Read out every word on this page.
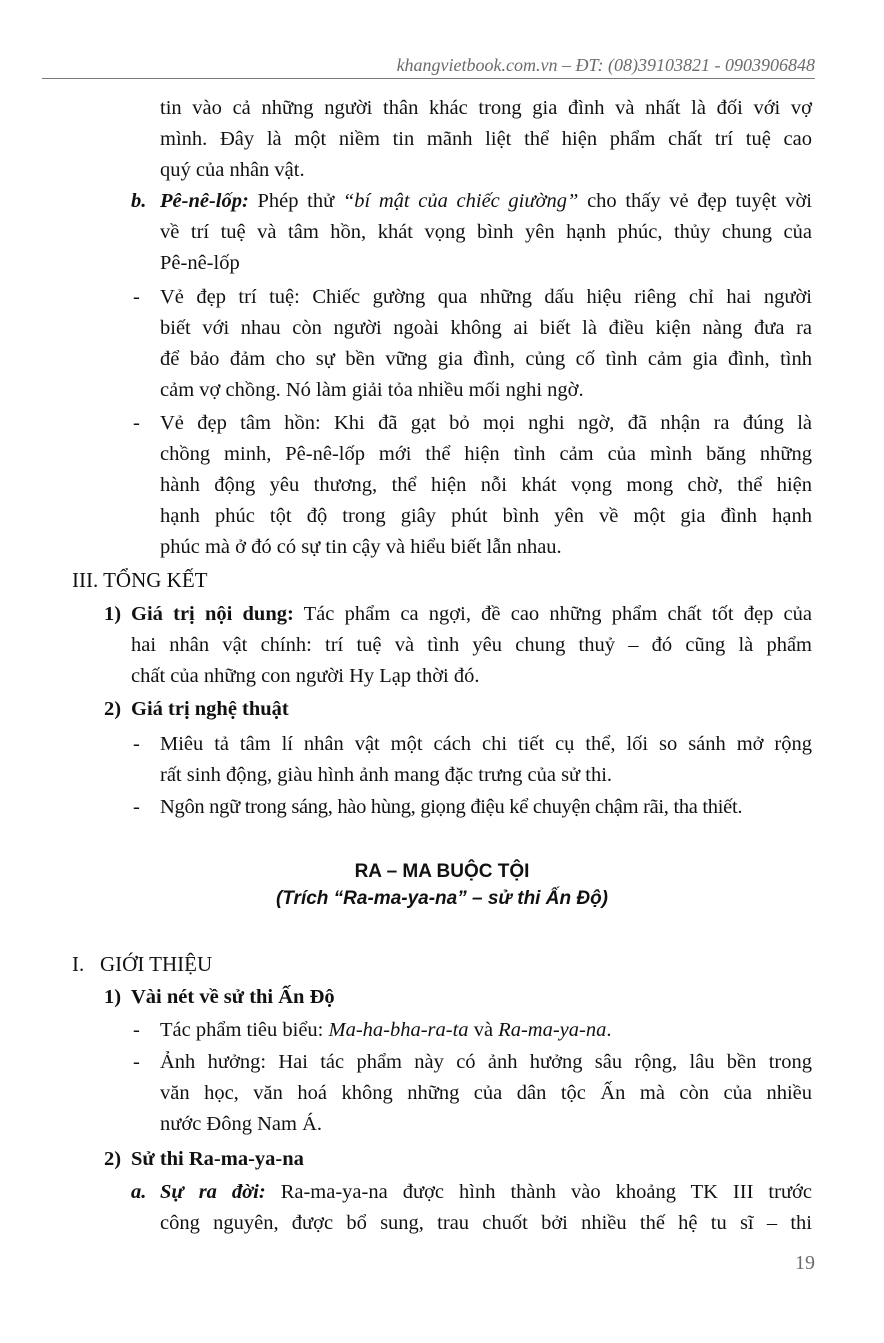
khangvietbook.com.vn – ĐT: (08)39103821 - 0903906848
tin vào cả những người thân khác trong gia đình và nhất là đối với vợ
mình. Đây là một niềm tin mãnh liệt thể hiện phẩm chất trí tuệ cao
quý của nhân vật.
b. Pê-nê-lốp: Phép thử “bí mật của chiếc giường” cho thấy vẻ đẹp tuyệt vời
về trí tuệ và tâm hồn, khát vọng bình yên hạnh phúc, thủy chung của
Pê-nê-lốp
- Vẻ đẹp trí tuệ: Chiếc gường qua những dấu hiệu riêng chỉ hai người
biết với nhau còn người ngoài không ai biết là điều kiện nàng đưa ra
để bảo đảm cho sự bền vững gia đình, củng cố tình cảm gia đình, tình
cảm vợ chồng. Nó làm giải tỏa nhiều mối nghi ngờ.
- Vẻ đẹp tâm hồn: Khi đã gạt bỏ mọi nghi ngờ, đã nhận ra đúng là
chồng minh, Pê-nê-lốp mới thể hiện tình cảm của mình băng những
hành động yêu thương, thể hiện nỗi khát vọng mong chờ, thể hiện
hạnh phúc tột độ trong giây phút bình yên về một gia đình hạnh
phúc mà ở đó có sự tin cậy và hiểu biết lẫn nhau.
III. TỔNG KẾT
1) Giá trị nội dung: Tác phẩm ca ngợi, đề cao những phẩm chất tốt đẹp của
hai nhân vật chính: trí tuệ và tình yêu chung thuỷ – đó cũng là phẩm
chất của những con người Hy Lạp thời đó.
2) Giá trị nghệ thuật
- Miêu tả tâm lí nhân vật một cách chi tiết cụ thể, lối so sánh mở rộng
rất sinh động, giàu hình ảnh mang đặc trưng của sử thi.
- Ngôn ngữ trong sáng, hào hùng, giọng điệu kể chuyện chậm rãi, tha thiết.
RA – MA BUỘC TỘI
(Trích “Ra-ma-ya-na” – sử thi Ấn Độ)
I.   GIỚI THIỆU
1) Vài nét về sử thi Ấn Độ
- Tác phẩm tiêu biểu: Ma-ha-bha-ra-ta và Ra-ma-ya-na.
- Ảnh hưởng: Hai tác phẩm này có ảnh hưởng sâu rộng, lâu bền trong
văn học, văn hoá không những của dân tộc Ấn mà còn của nhiều
nước Đông Nam Á.
2) Sử thi Ra-ma-ya-na
a. Sự ra đời: Ra-ma-ya-na được hình thành vào khoảng TK III trước
công nguyên, được bổ sung, trau chuốt bởi nhiều thế hệ tu sĩ – thi
19
